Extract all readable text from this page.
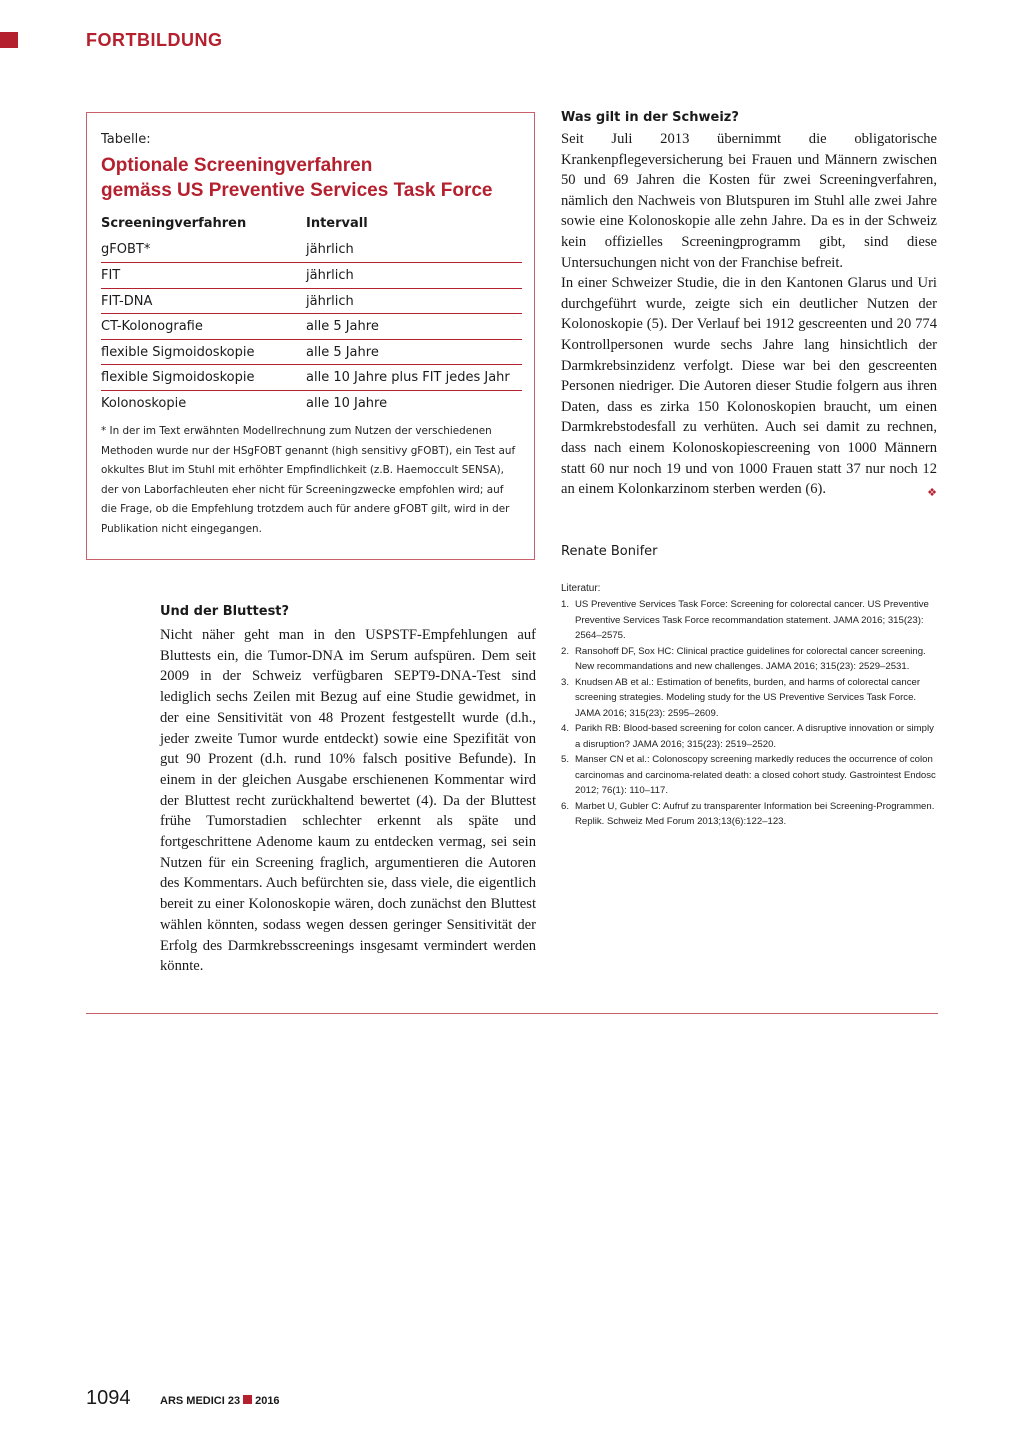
FORTBILDUNG
Tabelle:
Optionale Screeningverfahren
gemäss US Preventive Services Task Force
Screeningverfahren	Intervall
gFOBT*	jährlich
FIT	jährlich
FIT-DNA	jährlich
CT-Kolonografie	alle 5 Jahre
flexible Sigmoidoskopie	alle 5 Jahre
flexible Sigmoidoskopie	alle 10 Jahre plus FIT jedes Jahr
Kolonoskopie	alle 10 Jahre
* In der im Text erwähnten Modellrechnung zum Nutzen der verschiedenen Methoden wurde nur der HSgFOBT genannt (high sensitivy gFOBT), ein Test auf okkultes Blut im Stuhl mit erhöhter Empfindlichkeit (z.B. Haemoccult SENSA), der von Laborfachleuten eher nicht für Screeningzwecke empfohlen wird; auf die Frage, ob die Empfehlung trotzdem auch für andere gFOBT gilt, wird in der Publikation nicht eingegangen.
Und der Bluttest?
Nicht näher geht man in den USPSTF-Empfehlungen auf Bluttests ein, die Tumor-DNA im Serum aufspüren. Dem seit 2009 in der Schweiz verfügbaren SEPT9-DNA-Test sind lediglich sechs Zeilen mit Bezug auf eine Studie gewidmet, in der eine Sensitivität von 48 Prozent festgestellt wurde (d.h., jeder zweite Tumor wurde entdeckt) sowie eine Spezifität von gut 90 Prozent (d.h. rund 10% falsch positive Befunde). In einem in der gleichen Ausgabe erschienenen Kommentar wird der Bluttest recht zurückhaltend bewertet (4). Da der Bluttest frühe Tumorstadien schlechter erkennt als späte und fortgeschrittene Adenome kaum zu entdecken vermag, sei sein Nutzen für ein Screening fraglich, argumentieren die Autoren des Kommentars. Auch befürchten sie, dass viele, die eigentlich bereit zu einer Kolonoskopie wären, doch zunächst den Bluttest wählen könnten, sodass wegen dessen geringer Sensitivität der Erfolg des Darmkrebsscreenings insgesamt vermindert werden könnte.
Was gilt in der Schweiz?

Seit Juli 2013 übernimmt die obligatorische Krankenpflegeversicherung bei Frauen und Männern zwischen 50 und 69 Jahren die Kosten für zwei Screeningverfahren, nämlich den Nachweis von Blutspuren im Stuhl alle zwei Jahre sowie eine Kolonoskopie alle zehn Jahre. Da es in der Schweiz kein offizielles Screeningprogramm gibt, sind diese Untersuchungen nicht von der Franchise befreit.

In einer Schweizer Studie, die in den Kantonen Glarus und Uri durchgeführt wurde, zeigte sich ein deutlicher Nutzen der Kolonoskopie (5). Der Verlauf bei 1912 gescreenten und 20 774 Kontrollpersonen wurde sechs Jahre lang hinsichtlich der Darmkrebsinzidenz verfolgt. Diese war bei den gescreenten Personen niedriger. Die Autoren dieser Studie folgern aus ihren Daten, dass es zirka 150 Kolonoskopien braucht, um einen Darmkrebstodesfall zu verhüten. Auch sei damit zu rechnen, dass nach einem Kolonoskopiescreening von 1000 Männern statt 60 nur noch 19 und von 1000 Frauen statt 37 nur noch 12 an einem Kolonkarzinom sterben werden (6).	❖

Renate Bonifer
Literatur:
1. US Preventive Services Task Force: Screening for colorectal cancer. US Preventive Preventive Services Task Force recommandation statement. JAMA 2016; 315(23): 2564–2575.
2. Ransohoff DF, Sox HC: Clinical practice guidelines for colorectal cancer screening. New recommandations and new challenges. JAMA 2016; 315(23): 2529–2531.
3. Knudsen AB et al.: Estimation of benefits, burden, and harms of colorectal cancer screening strategies. Modeling study for the US Preventive Services Task Force. JAMA 2016; 315(23): 2595–2609.
4. Parikh RB: Blood-based screening for colon cancer. A disruptive innovation or simply a disruption? JAMA 2016; 315(23): 2519–2520.
5. Manser CN et al.: Colonoscopy screening markedly reduces the occurrence of colon carcinomas and carcinoma-related death: a closed cohort study. Gastrointest Endosc 2012; 76(1): 110–117.
6. Marbet U, Gubler C: Aufruf zu transparenter Information bei Screening-Programmen. Replik. Schweiz Med Forum 2013;13(6):122–123.
1094	ARS MEDICI 23 2016
